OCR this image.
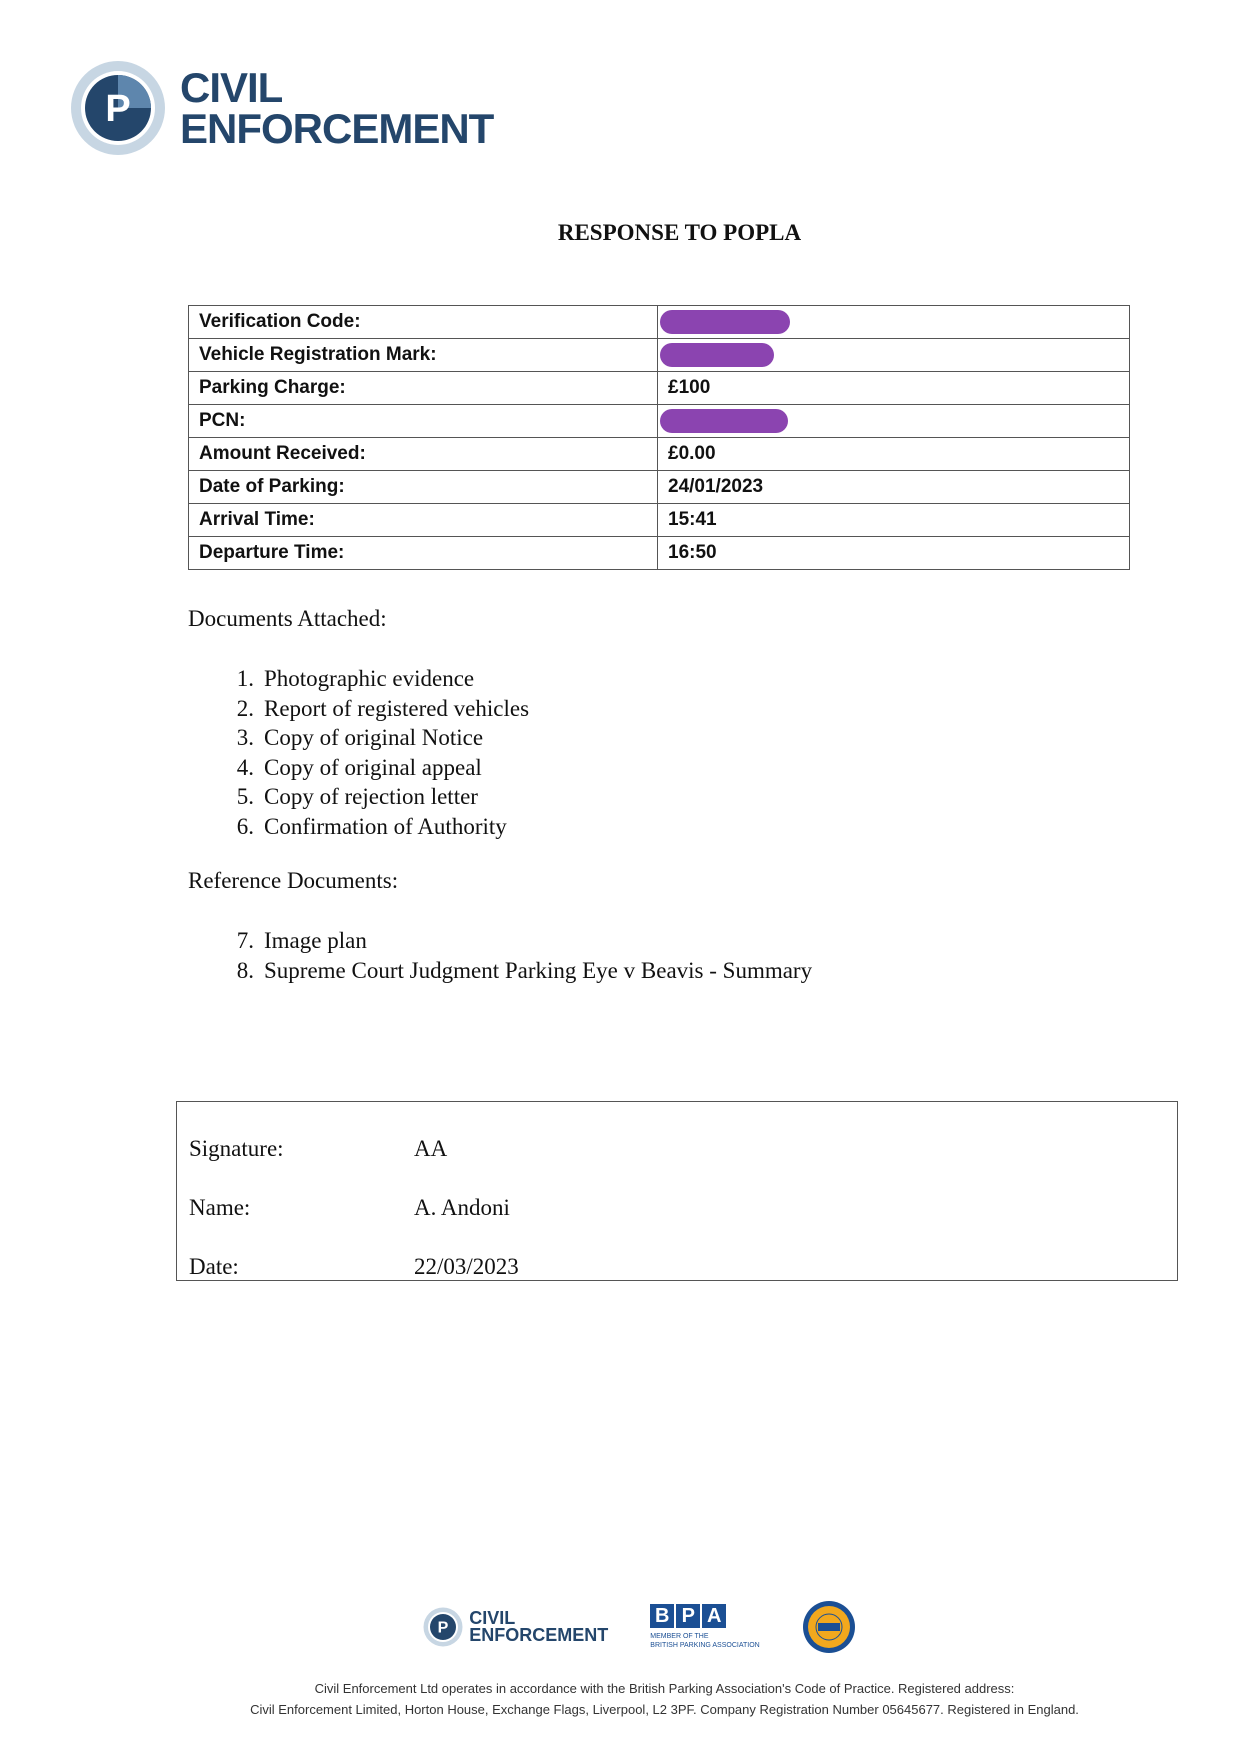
P CIVIL
ENFORCEMENT
RESPONSE TO POPLA
Verification Code:	
Vehicle Registration Mark:	
Parking Charge:	£100
PCN:	
Amount Received:	£0.00
Date of Parking:	24/01/2023
Arrival Time:	15:41
Departure Time:	16:50
Documents Attached:
1. Photographic evidence
2. Report of registered vehicles
3. Copy of original Notice
4. Copy of original appeal
5. Copy of rejection letter
6. Confirmation of Authority
Reference Documents:
7. Image plan
8. Supreme Court Judgment Parking Eye v Beavis - Summary
Signature:	AA
Name:	A. Andoni
Date:	22/03/2023
P
CIVIL
ENFORCEMENT
B P A
MEMBER OF THE
BRITISH PARKING ASSOCIATION
Civil Enforcement Ltd operates in accordance with the British Parking Association's Code of Practice. Registered address:
Civil Enforcement Limited, Horton House, Exchange Flags, Liverpool, L2 3PF. Company Registration Number 05645677. Registered in England.
